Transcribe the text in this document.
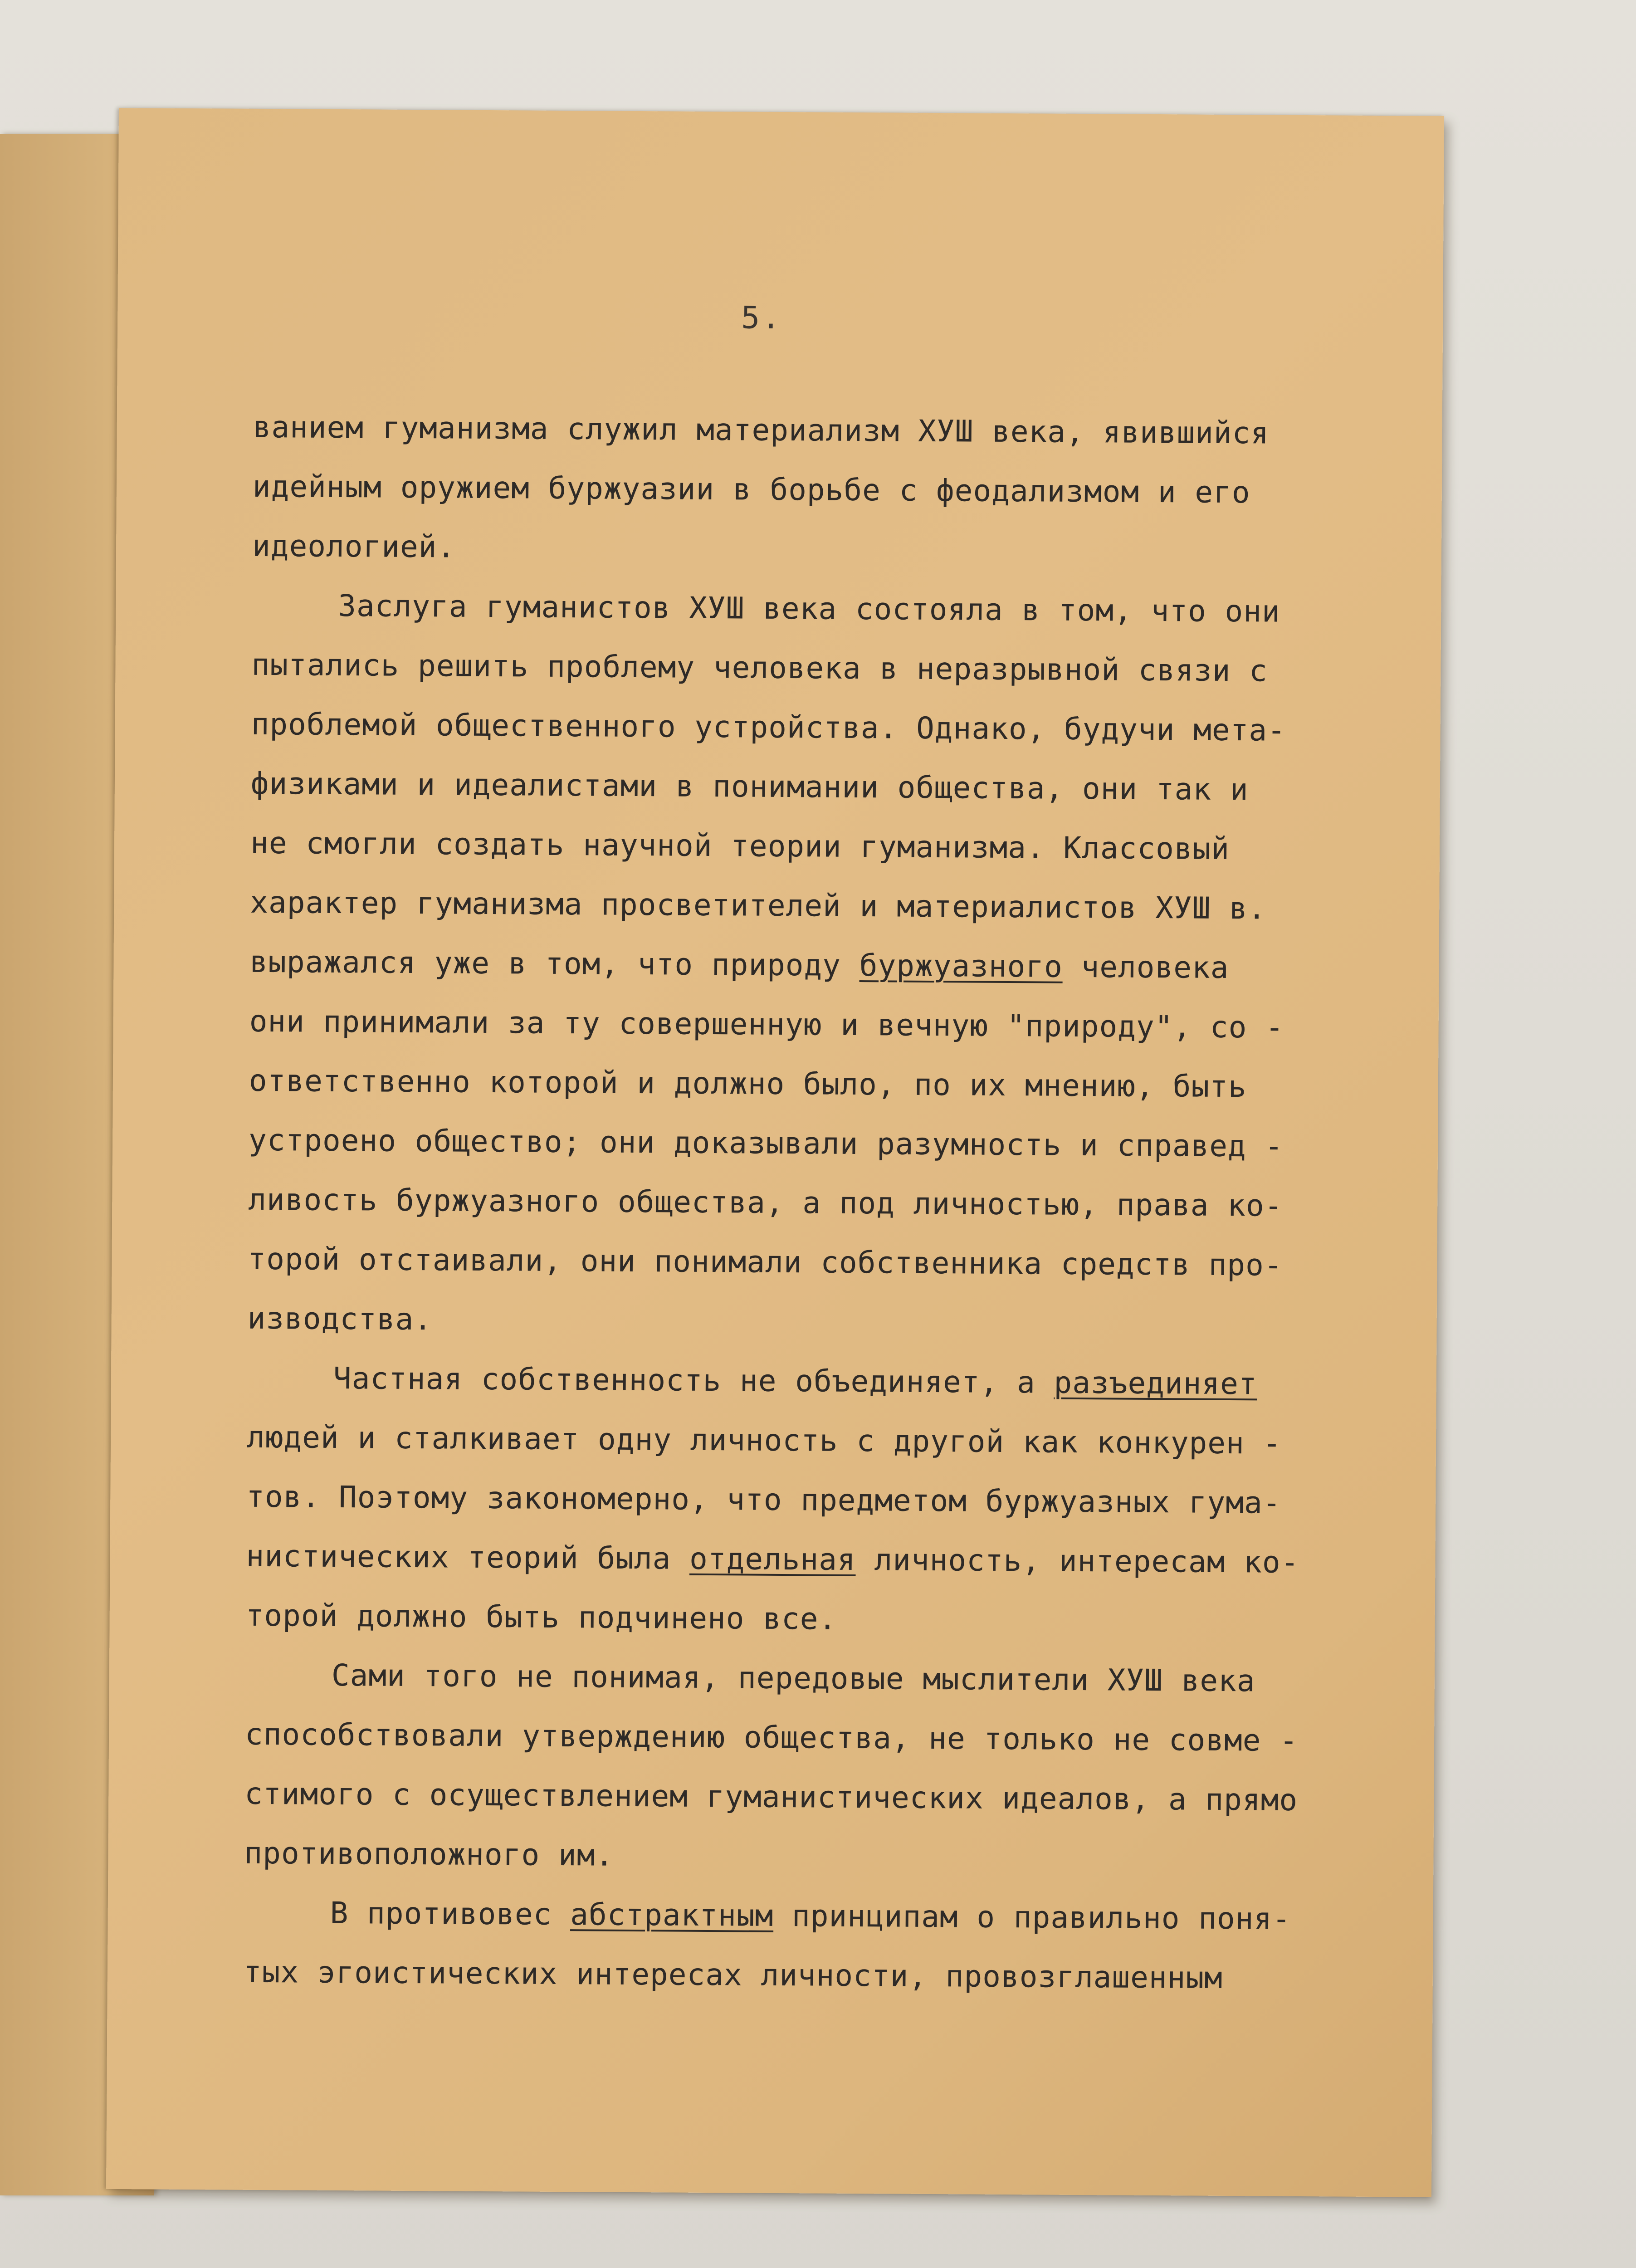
5.
ванием гуманизма служил материализм ХУШ века, явившийся
идейным оружием буржуазии в борьбе с феодализмом и его
идеологией.
Заслуга гуманистов ХУШ века состояла в том, что они
пытались решить проблему человека в неразрывной связи с
проблемой общественного устройства. Однако, будучи мета-
физиками и идеалистами в понимании общества, они так и
не смогли создать научной теории гуманизма. Классовый
характер гуманизма просветителей и материалистов ХУШ в.
выражался уже в том, что природу буржуазного человека
они принимали за ту совершенную и вечную "природу", со -
ответственно которой и должно было, по их мнению, быть
устроено общество; они доказывали разумность и справед -
ливость буржуазного общества, а под личностью, права ко-
торой отстаивали, они понимали собственника средств про-
изводства.
Частная собственность не объединяет, а разъединяет
людей и сталкивает одну личность с другой как конкурен -
тов. Поэтому закономерно, что предметом буржуазных гума-
нистических теорий была отдельная личность, интересам ко-
торой должно быть подчинено все.
Сами того не понимая, передовые мыслители ХУШ века
способствовали утверждению общества, не только не совме -
стимого с осуществлением гуманистических идеалов, а прямо
противоположного им.
В противовес абстрактным принципам о правильно поня-
тых эгоистических интересах личности, провозглашенным
